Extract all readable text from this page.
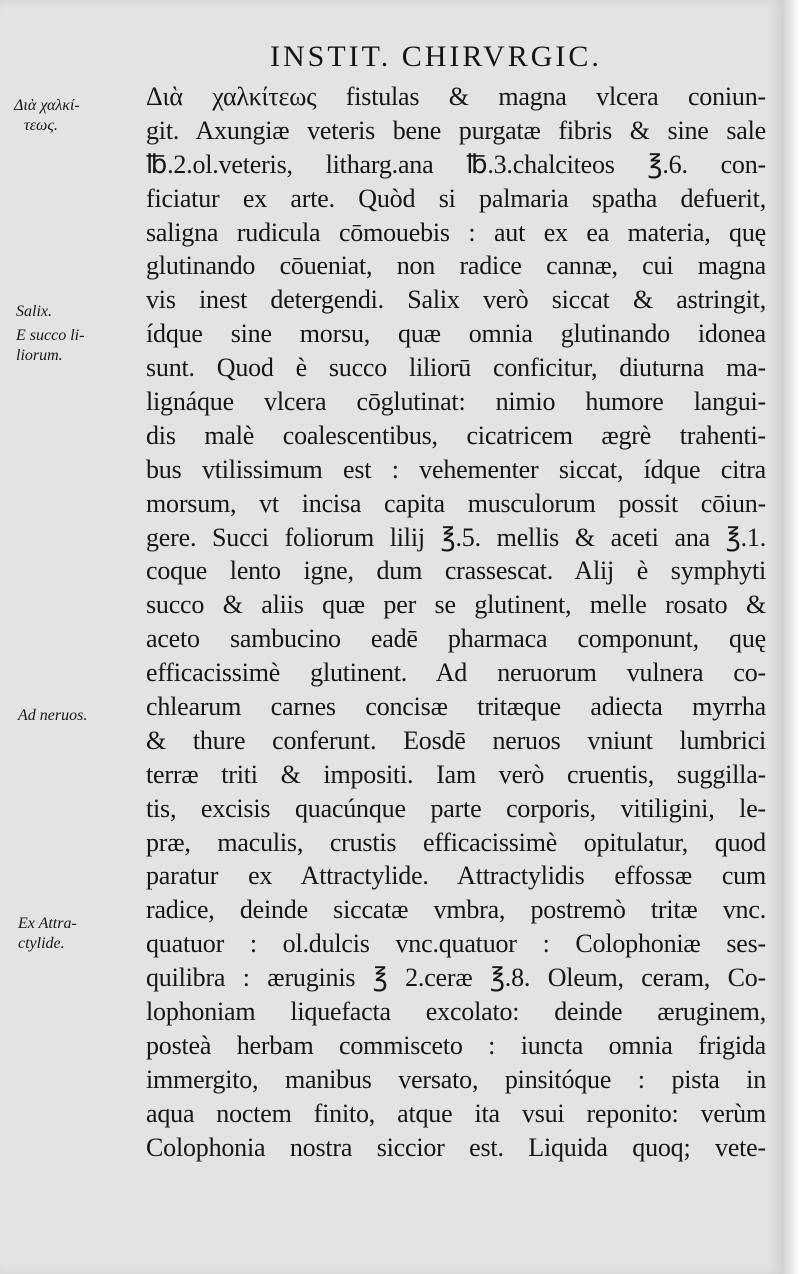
INSTIT. CHIRVRGIC.
Διὰ χαλκί-
τεως.
Salix.
E succo li-
liorum.
Ad neruos.
Ex Attra-
ctylide.
Διὰ χαλκίτεως fistulas & magna vlcera coniun-
git. Axungiæ veteris bene purgatæ fibris & sine sale
℔.2.ol.veteris, litharg.ana ℔.3.chalciteos ℥.6. con-
ficiatur ex arte. Quòd si palmaria spatha defuerit,
saligna rudicula cōmouebis : aut ex ea materia, quę
glutinando cōueniat, non radice cannæ, cui magna
vis inest detergendi. Salix verò siccat & astringit,
ídque sine morsu, quæ omnia glutinando idonea
sunt. Quod è succo liliorū conficitur, diuturna ma-
lignáque vlcera cōglutinat: nimio humore langui-
dis malè coalescentibus, cicatricem ægrè trahenti-
bus vtilissimum est : vehementer siccat, ídque citra
morsum, vt incisa capita musculorum possit cōiun-
gere. Succi foliorum lilij ℥.5. mellis & aceti ana ℥.1.
coque lento igne, dum crassescat. Alij è symphyti
succo & aliis quæ per se glutinent, melle rosato &
aceto sambucino eadē pharmaca componunt, quę
efficacissimè glutinent. Ad neruorum vulnera co-
chlearum carnes concisæ tritæque adiecta myrrha
& thure conferunt. Eosdē neruos vniunt lumbrici
terræ triti & impositi. Iam verò cruentis, suggilla-
tis, excisis quacúnque parte corporis, vitiligini, le-
præ, maculis, crustis efficacissimè opitulatur, quod
paratur ex Attractylide. Attractylidis effossæ cum
radice, deinde siccatæ vmbra, postremò tritæ vnc.
quatuor : ol.dulcis vnc.quatuor : Colophoniæ ses-
quilibra : æruginis ℥ 2.ceræ ℥.8. Oleum, ceram, Co-
lophoniam liquefacta excolato: deinde æruginem,
posteà herbam commisceto : iuncta omnia frigida
immergito, manibus versato, pinsitóque : pista in
aqua noctem finito, atque ita vsui reponito: verùm
Colophonia nostra siccior est. Liquida quoq; vete-
